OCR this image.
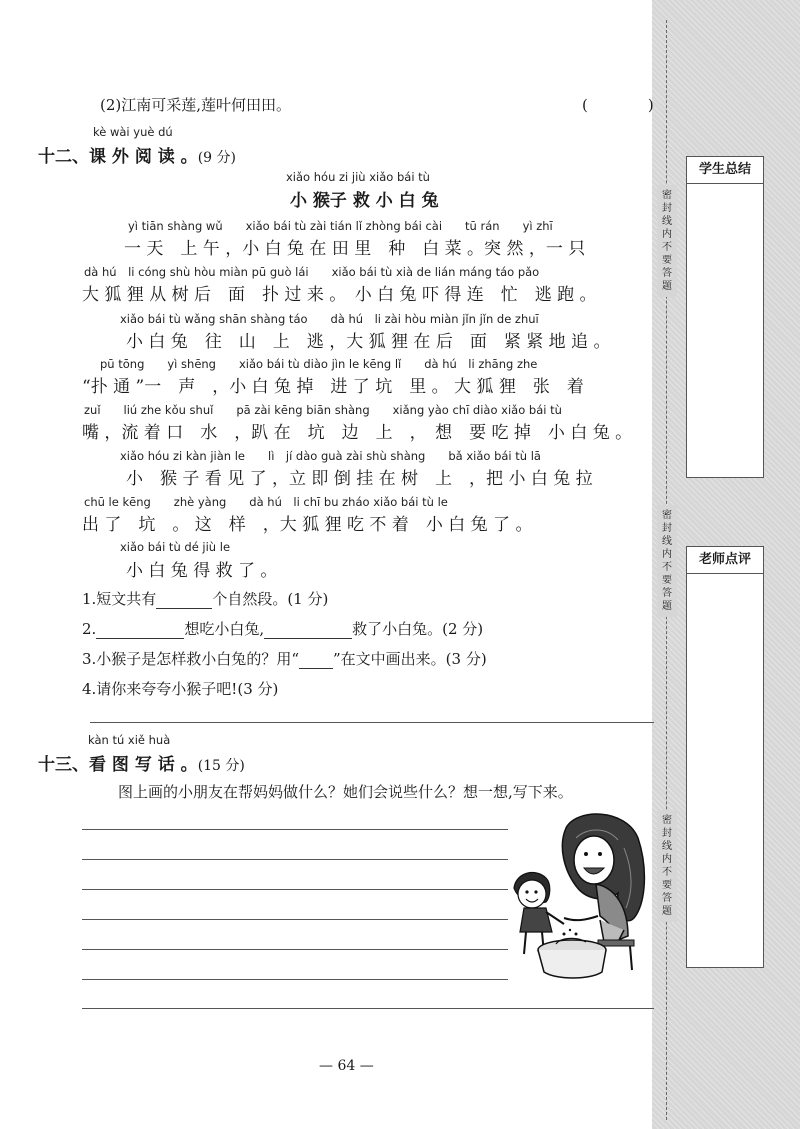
密
封
线
内
不
要
答
题
密
封
线
内
不
要
答
题
密
封
线
内
不
要
答
题
学生总结
老师点评
(2)江南可采莲,莲叶何田田。	(　　　　)
kè wài yuè dú
十二、课 外 阅 读 。(9 分)
xiǎo hóu zi jiù xiǎo bái tù
小 猴子 救 小 白 兔
yì tiān shàng wǔ　　xiǎo bái tù zài tián lǐ zhòng bái cài　　tū rán　　yì zhī
一 天　上 午 ，小 白 兔 在 田 里　种　白 菜 。突 然 ，一 只
dà hú　li cóng shù hòu miàn pū guò lái　　xiǎo bái tù xià de lián máng táo pǎo
大 狐 狸 从 树 后　面　扑 过 来 。　小 白 兔 吓 得 连　忙　逃 跑 。
xiǎo bái tù wǎng shān shàng táo　　dà hú　li zài hòu miàn jǐn jǐn de zhuī
小 白 兔　往　山　上　逃 ，大 狐 狸 在 后　面　紧 紧 地 追 。
pū tōng　　yì shēng　　xiǎo bái tù diào jìn le kēng lǐ　　dà hú　li zhāng zhe
“扑 通 ”一　声　，小 白 兔 掉　进 了 坑　里 。 大 狐 狸　张　着
zuǐ　　liú zhe kǒu shuǐ　　pā zài kēng biān shàng　　xiǎng yào chī diào xiǎo bái tù
嘴 ，流 着 口　水　，趴 在　坑　边　上　，　想　要 吃 掉　小 白 兔 。
xiǎo hóu zi kàn jiàn le　　lì　jí dào guà zài shù shàng　　bǎ xiǎo bái tù lā
小　猴 子 看 见 了 ，立 即 倒 挂 在 树　上　，把 小 白 兔 拉
chū le kēng　　zhè yàng　　dà hú　li chī bu zháo xiǎo bái tù le
出 了　坑　。 这　样　，大 狐 狸 吃 不 着　小 白 兔 了 。
xiǎo bái tù dé jiù le
小 白 兔 得 救 了 。
1.短文共有	个自然段。(1 分)
2.	想吃小白兔,	救了小白兔。(2 分)
3.小猴子是怎样救小白兔的？用“ ”在文中画出来。(3 分)
4.请你来夸夸小猴子吧!(3 分)
kàn tú xiě huà
十三、看 图 写 话 。(15 分)
图上画的小朋友在帮妈妈做什么？她们会说些什么？想一想,写下来。
— 64 —
